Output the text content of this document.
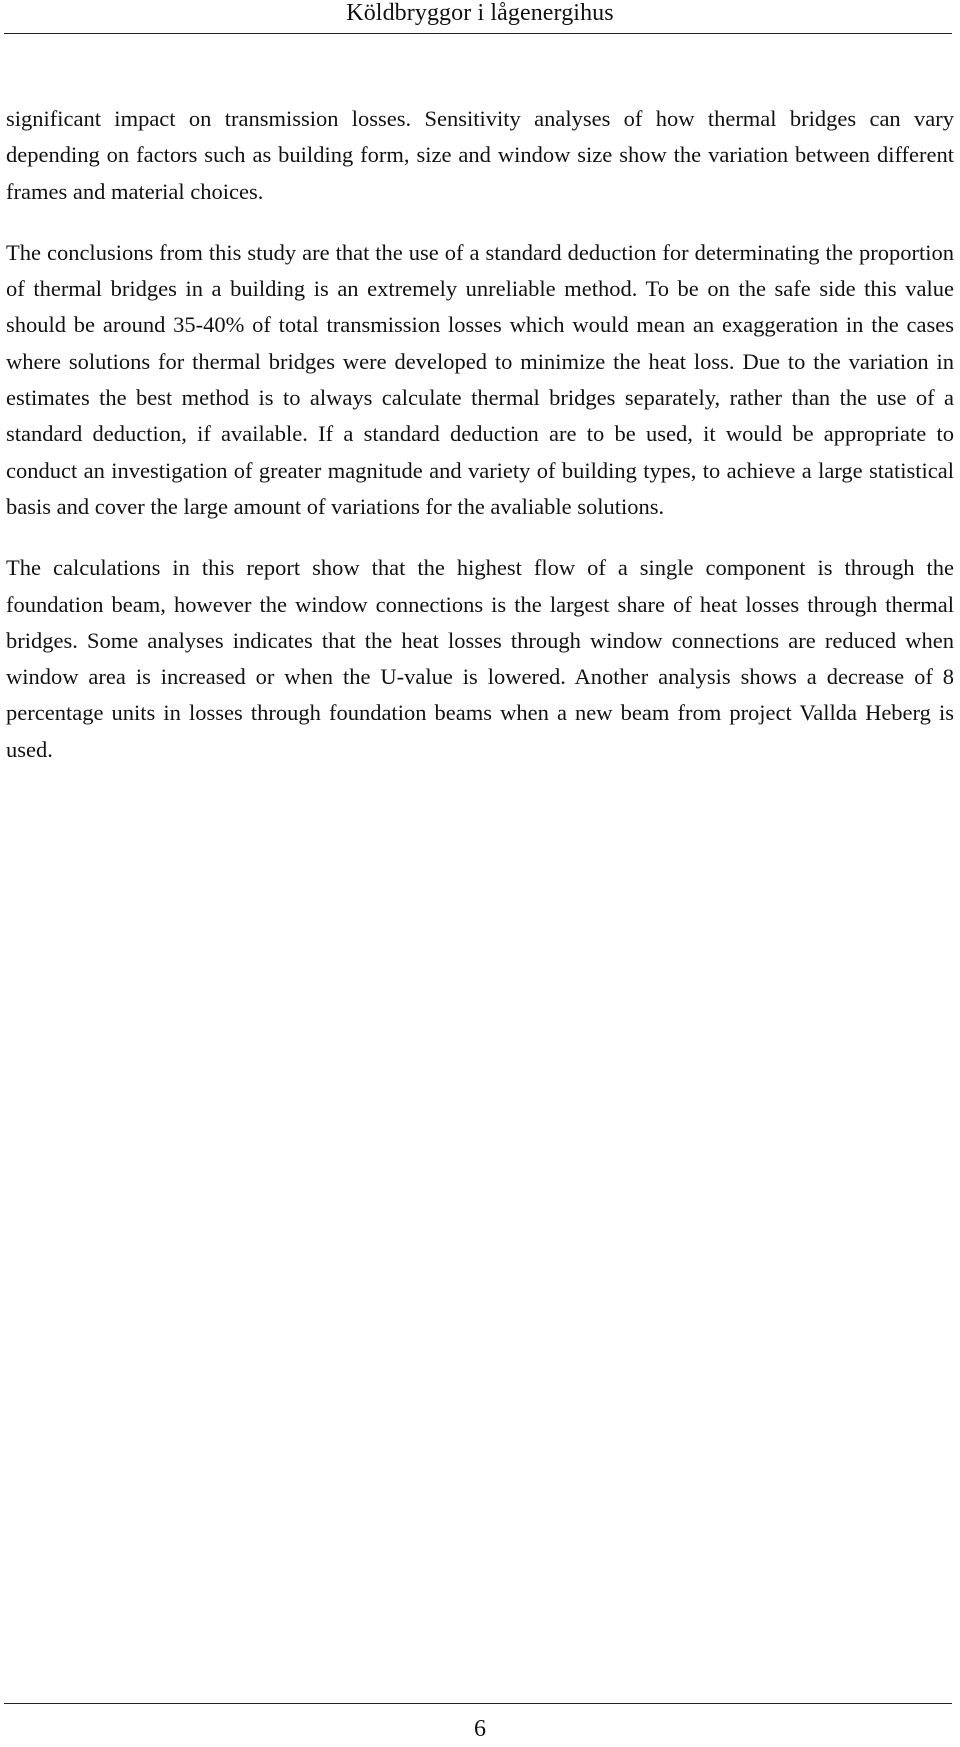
Köldbryggor i lågenergihus

significant impact on transmission losses. Sensitivity analyses of how thermal bridges can vary depending on factors such as building form, size and window size show the variation between different frames and material choices.

The conclusions from this study are that the use of a standard deduction for determinating the proportion of thermal bridges in a building is an extremely unreliable method. To be on the safe side this value should be around 35-40% of total transmission losses which would mean an exaggeration in the cases where solutions for thermal bridges were developed to minimize the heat loss. Due to the variation in estimates the best method is to always calculate thermal bridges separately, rather than the use of a standard deduction, if available. If a standard deduction are to be used, it would be appropriate to conduct an investigation of greater magnitude and variety of building types, to achieve a large statistical basis and cover the large amount of variations for the avaliable solutions.

The calculations in this report show that the highest flow of a single component is through the foundation beam, however the window connections is the largest share of heat losses through thermal bridges. Some analyses indicates that the heat losses through window connections are reduced when window area is increased or when the U-value is lowered. Another analysis shows a decrease of 8 percentage units in losses through foundation beams when a new beam from project Vallda Heberg is used.

6
